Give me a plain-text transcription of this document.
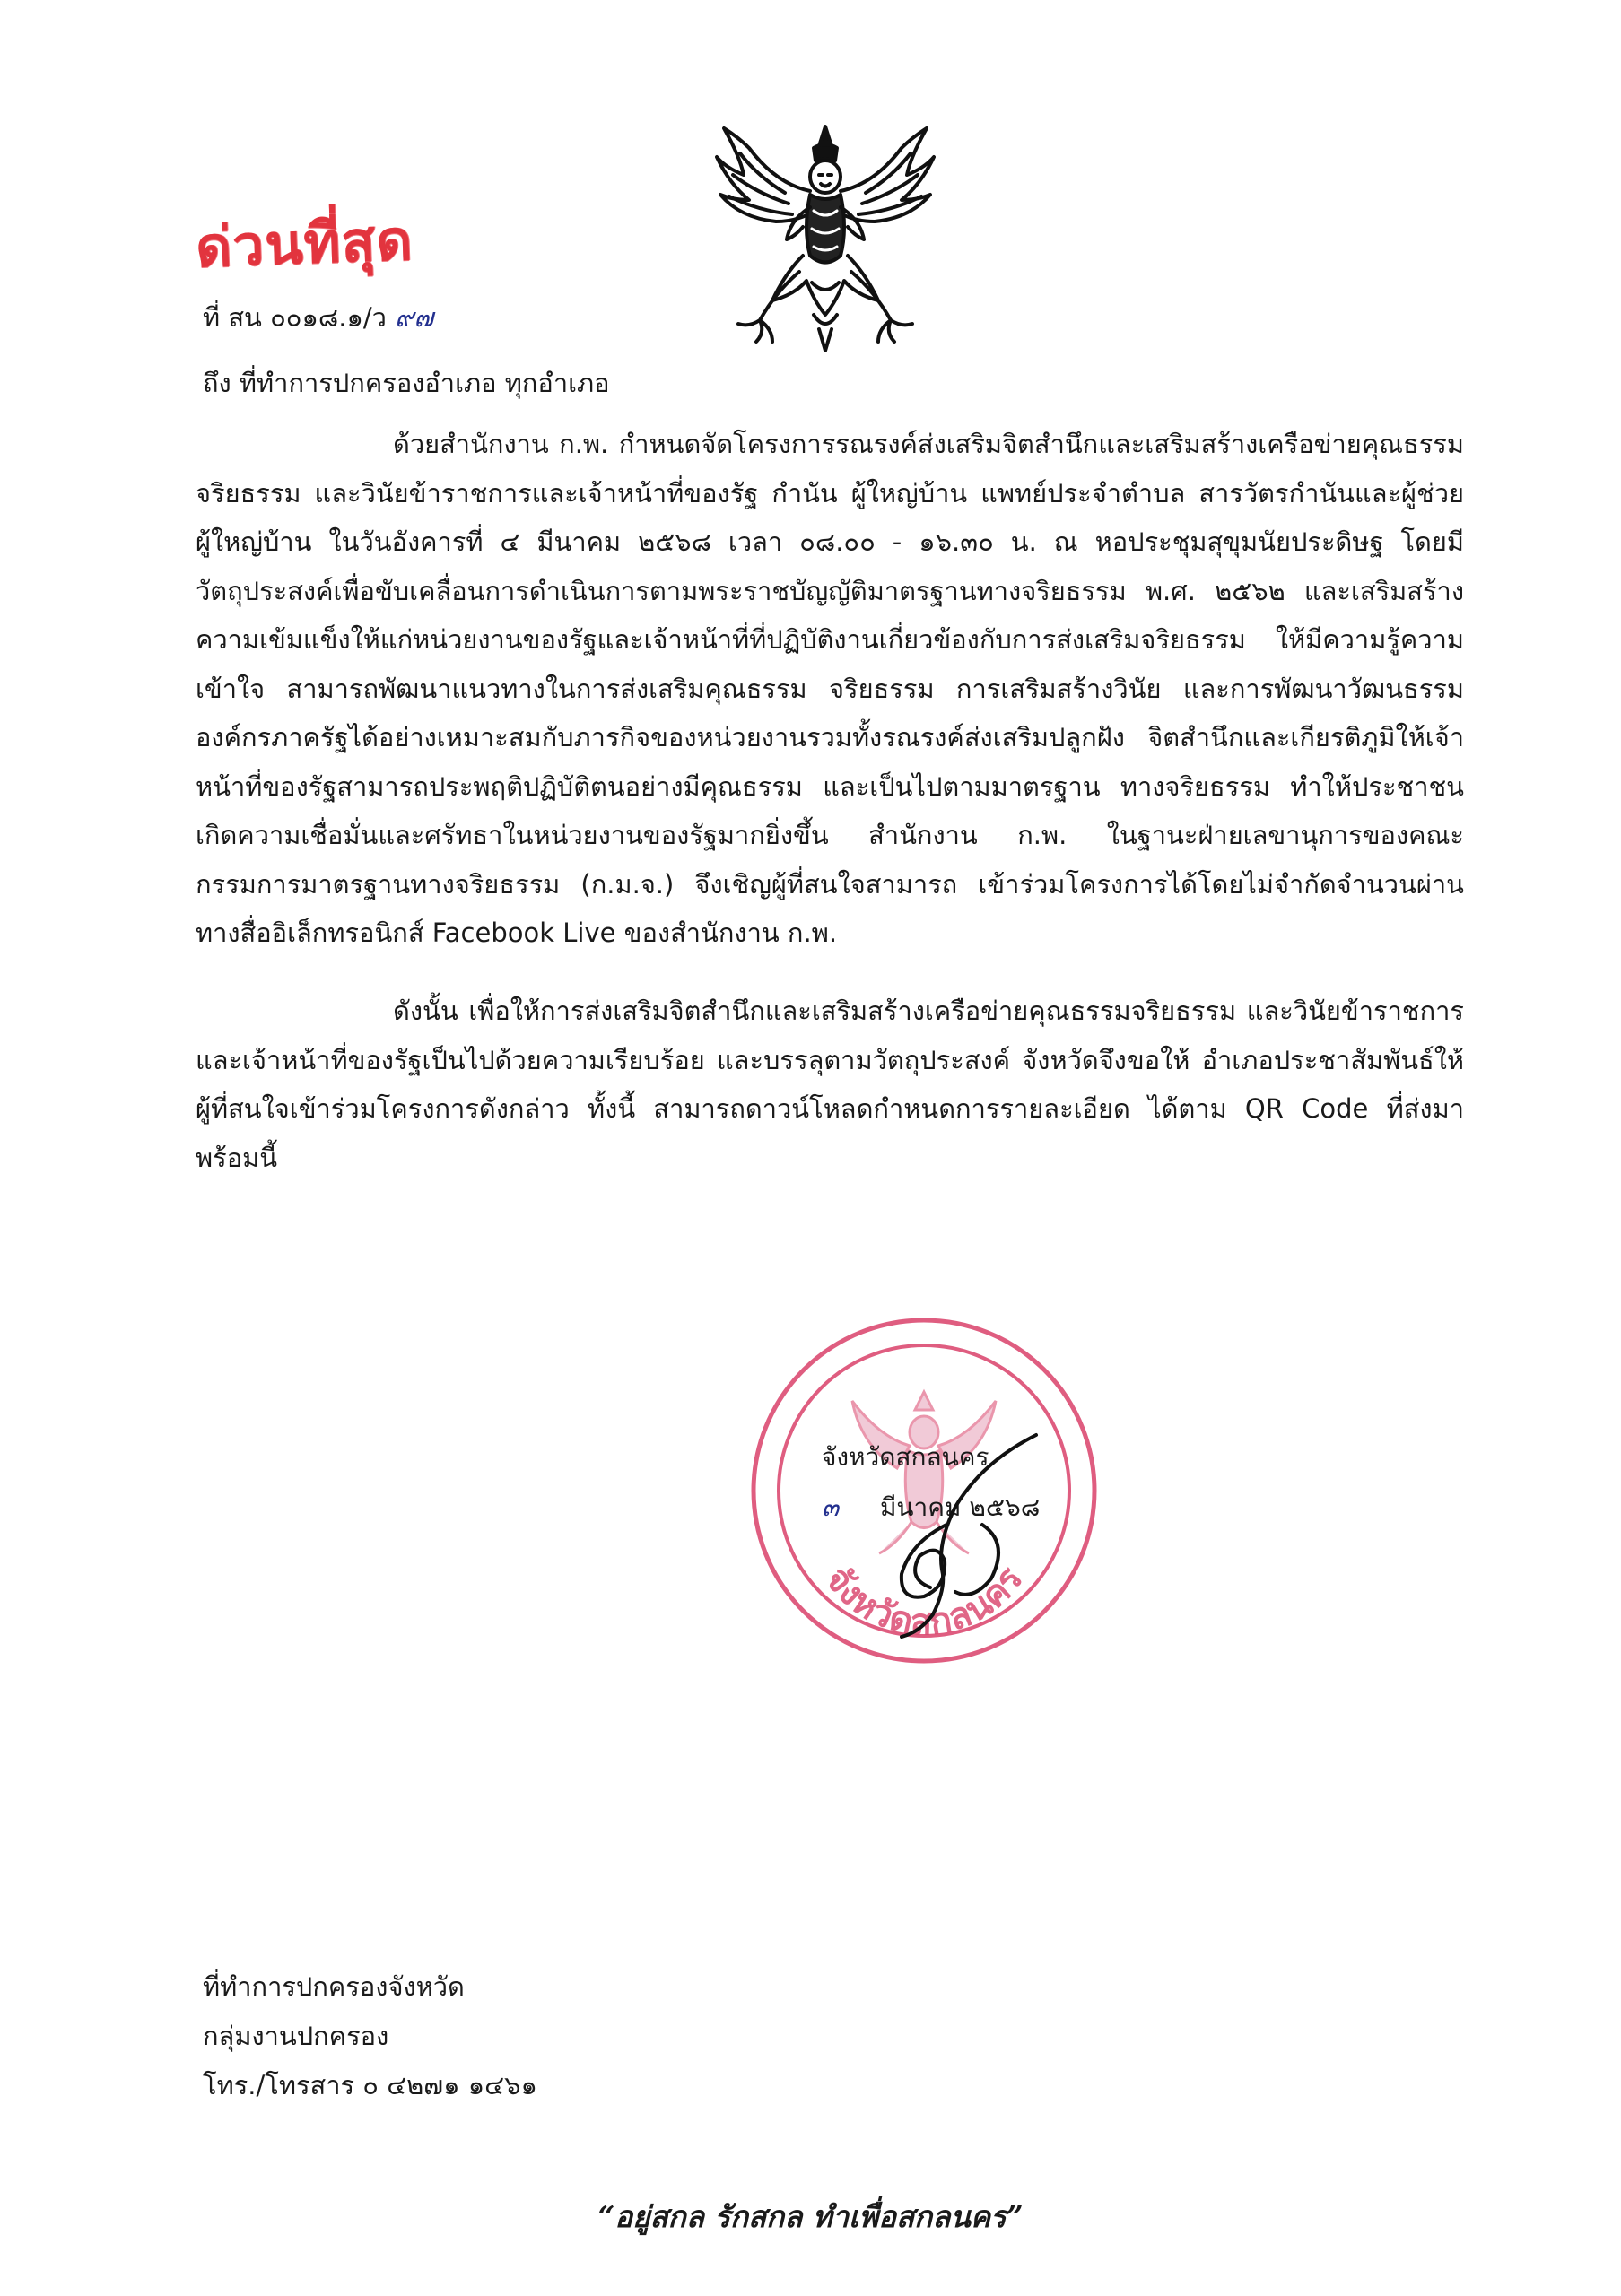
ด่วนที่สุด
ที่ สน ๐๐๑๘.๑/ว ๙๗
ถึง ที่ทำการปกครองอำเภอ ทุกอำเภอ

ด้วยสำนักงาน ก.พ. กำหนดจัดโครงการรณรงค์ส่งเสริมจิตสำนึกและเสริมสร้างเครือข่ายคุณธรรมจริยธรรม และวินัยข้าราชการและเจ้าหน้าที่ของรัฐ กำนัน ผู้ใหญ่บ้าน แพทย์ประจำตำบล สารวัตรกำนันและผู้ช่วยผู้ใหญ่บ้าน ในวันอังคารที่ ๔ มีนาคม ๒๕๖๘ เวลา ๐๘.๐๐ - ๑๖.๓๐ น. ณ หอประชุมสุขุมนัยประดิษฐ โดยมีวัตถุประสงค์เพื่อขับเคลื่อนการดำเนินการตามพระราชบัญญัติมาตรฐานทางจริยธรรม พ.ศ. ๒๕๖๒ และเสริมสร้างความเข้มแข็งให้แก่หน่วยงานของรัฐและเจ้าหน้าที่ที่ปฏิบัติงานเกี่ยวข้องกับการส่งเสริมจริยธรรม ให้มีความรู้ความเข้าใจ สามารถพัฒนาแนวทางในการส่งเสริมคุณธรรม จริยธรรม การเสริมสร้างวินัย และการพัฒนาวัฒนธรรมองค์กรภาครัฐได้อย่างเหมาะสมกับภารกิจของหน่วยงานรวมทั้งรณรงค์ส่งเสริมปลูกฝัง จิตสำนึกและเกียรติภูมิให้เจ้าหน้าที่ของรัฐสามารถประพฤติปฏิบัติตนอย่างมีคุณธรรม และเป็นไปตามมาตรฐาน ทางจริยธรรม ทำให้ประชาชนเกิดความเชื่อมั่นและศรัทธาในหน่วยงานของรัฐมากยิ่งขึ้น สำนักงาน ก.พ. ในฐานะฝ่ายเลขานุการของคณะกรรมการมาตรฐานทางจริยธรรม (ก.ม.จ.) จึงเชิญผู้ที่สนใจสามารถ เข้าร่วมโครงการได้โดยไม่จำกัดจำนวนผ่านทางสื่ออิเล็กทรอนิกส์ Facebook Live ของสำนักงาน ก.พ.

ดังนั้น เพื่อให้การส่งเสริมจิตสำนึกและเสริมสร้างเครือข่ายคุณธรรมจริยธรรม และวินัยข้าราชการและเจ้าหน้าที่ของรัฐเป็นไปด้วยความเรียบร้อย และบรรลุตามวัตถุประสงค์ จังหวัดจึงขอให้ อำเภอประชาสัมพันธ์ให้ผู้ที่สนใจเข้าร่วมโครงการดังกล่าว ทั้งนี้ สามารถดาวน์โหลดกำหนดการรายละเอียด ได้ตาม QR Code ที่ส่งมาพร้อมนี้

จังหวัดสกลนคร
จังหวัดสกลนคร
๓ มีนาคม ๒๕๖๘
ที่ทำการปกครองจังหวัด
กลุ่มงานปกครอง
โทร./โทรสาร ๐ ๔๒๗๑ ๑๔๖๑
“อยู่สกล รักสกล ทำเพื่อสกลนคร”
